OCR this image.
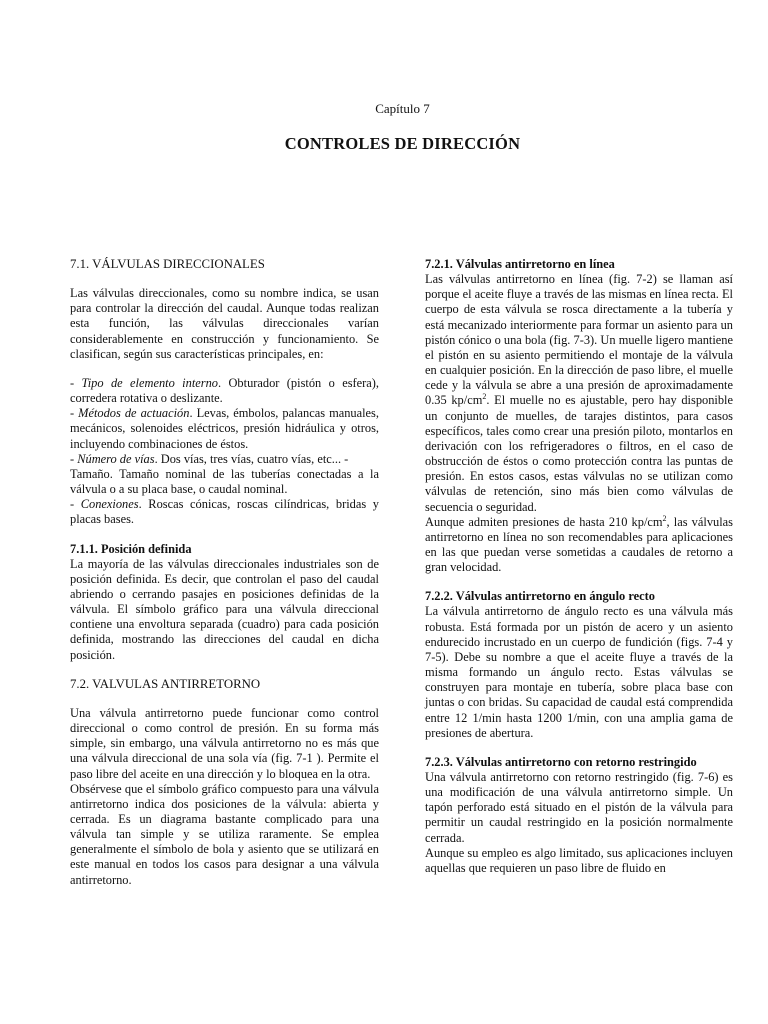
Capítulo 7
CONTROLES DE DIRECCIÓN
7.1. VÁLVULAS DIRECCIONALES

Las válvulas direccionales, como su nombre indica, se usan para controlar la dirección del caudal. Aunque todas realizan esta función, las válvulas direccionales varían considerablemente en construcción y funcionamiento. Se clasifican, según sus características principales, en:

- Tipo de elemento interno. Obturador (pistón o esfera), corredera rotativa o deslizante.

- Métodos de actuación. Levas, émbolos, palancas manuales, mecánicos, solenoides eléctricos, presión hidráulica y otros, incluyendo combinaciones de éstos.

- Número de vías. Dos vías, tres vías, cuatro vías, etc... -

Tamaño. Tamaño nominal de las tuberías conectadas a la válvula o a su placa base, o caudal nominal.

- Conexiones. Roscas cónicas, roscas cilíndricas, bridas y placas bases.

7.1.1. Posición definida

La mayoría de las válvulas direccionales industriales son de posición definida. Es decir, que controlan el paso del caudal abriendo o cerrando pasajes en posiciones definidas de la válvula. El símbolo gráfico para una válvula direccional contiene una envoltura separada (cuadro) para cada posición definida, mostrando las direcciones del caudal en dicha posición.

7.2. VALVULAS ANTIRRETORNO

Una válvula antirretorno puede funcionar como control direccional o como control de presión. En su forma más simple, sin embargo, una válvula antirretorno no es más que una válvula direccional de una sola vía (fig. 7-1 ). Permite el paso libre del aceite en una dirección y lo bloquea en la otra.

Obsérvese que el símbolo gráfico compuesto para una válvula antirretorno indica dos posiciones de la válvula: abierta y cerrada. Es un diagrama bastante complicado para una válvula tan simple y se utiliza raramente. Se emplea generalmente el símbolo de bola y asiento que se utilizará en este manual en todos los casos para designar a una válvula antirretorno.

7.2.1. Válvulas antirretorno en línea

Las válvulas antirretorno en línea (fig. 7-2) se llaman así porque el aceite fluye a través de las mismas en línea recta. El cuerpo de esta válvula se rosca directamente a la tubería y está mecanizado interiormente para formar un asiento para un pistón cónico o una bola (fig. 7-3). Un muelle ligero mantiene el pistón en su asiento permitiendo el montaje de la válvula en cualquier posición. En la dirección de paso libre, el muelle cede y la válvula se abre a una presión de aproximadamente 0.35 $kp/cm^2$. El muelle no es ajustable, pero hay disponible un conjunto de muelles, de tarajes distintos, para casos específicos, tales como crear una presión piloto, montarlos en derivación con los refrigeradores o filtros, en el caso de obstrucción de éstos o como protección contra las puntas de presión. En estos casos, estas válvulas no se utilizan como válvulas de retención, sino más bien como válvulas de secuencia o seguridad.

Aunque admiten presiones de hasta 210 $kp/cm^2$, las válvulas antirretorno en línea no son recomendables para aplicaciones en las que puedan verse sometidas a caudales de retorno a gran velocidad.

7.2.2. Válvulas antirretorno en ángulo recto

La válvula antirretorno de ángulo recto es una válvula más robusta. Está formada por un pistón de acero y un asiento endurecido incrustado en un cuerpo de fundición (figs. 7-4 y 7-5). Debe su nombre a que el aceite fluye a través de la misma formando un ángulo recto. Estas válvulas se construyen para montaje en tubería, sobre placa base con juntas o con bridas. Su capacidad de caudal está comprendida entre 12 1/min hasta 1200 1/min, con una amplia gama de presiones de abertura.

7.2.3. Válvulas antirretorno con retorno restringido

Una válvula antirretorno con retorno restringido (fig. 7-6) es una modificación de una válvula antirretorno simple. Un tapón perforado está situado en el pistón de la válvula para permitir un caudal restringido en la posición normalmente cerrada.

Aunque su empleo es algo limitado, sus aplicaciones incluyen aquellas que requieren un paso libre de fluido en
